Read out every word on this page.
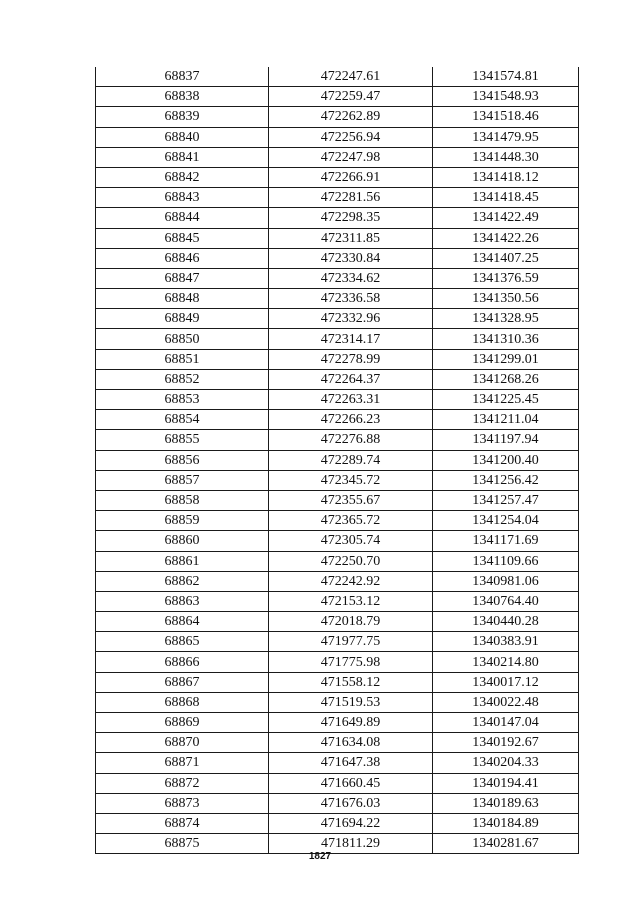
68837	472247.61	1341574.81
68838	472259.47	1341548.93
68839	472262.89	1341518.46
68840	472256.94	1341479.95
68841	472247.98	1341448.30
68842	472266.91	1341418.12
68843	472281.56	1341418.45
68844	472298.35	1341422.49
68845	472311.85	1341422.26
68846	472330.84	1341407.25
68847	472334.62	1341376.59
68848	472336.58	1341350.56
68849	472332.96	1341328.95
68850	472314.17	1341310.36
68851	472278.99	1341299.01
68852	472264.37	1341268.26
68853	472263.31	1341225.45
68854	472266.23	1341211.04
68855	472276.88	1341197.94
68856	472289.74	1341200.40
68857	472345.72	1341256.42
68858	472355.67	1341257.47
68859	472365.72	1341254.04
68860	472305.74	1341171.69
68861	472250.70	1341109.66
68862	472242.92	1340981.06
68863	472153.12	1340764.40
68864	472018.79	1340440.28
68865	471977.75	1340383.91
68866	471775.98	1340214.80
68867	471558.12	1340017.12
68868	471519.53	1340022.48
68869	471649.89	1340147.04
68870	471634.08	1340192.67
68871	471647.38	1340204.33
68872	471660.45	1340194.41
68873	471676.03	1340189.63
68874	471694.22	1340184.89
68875	471811.29	1340281.67
1827
